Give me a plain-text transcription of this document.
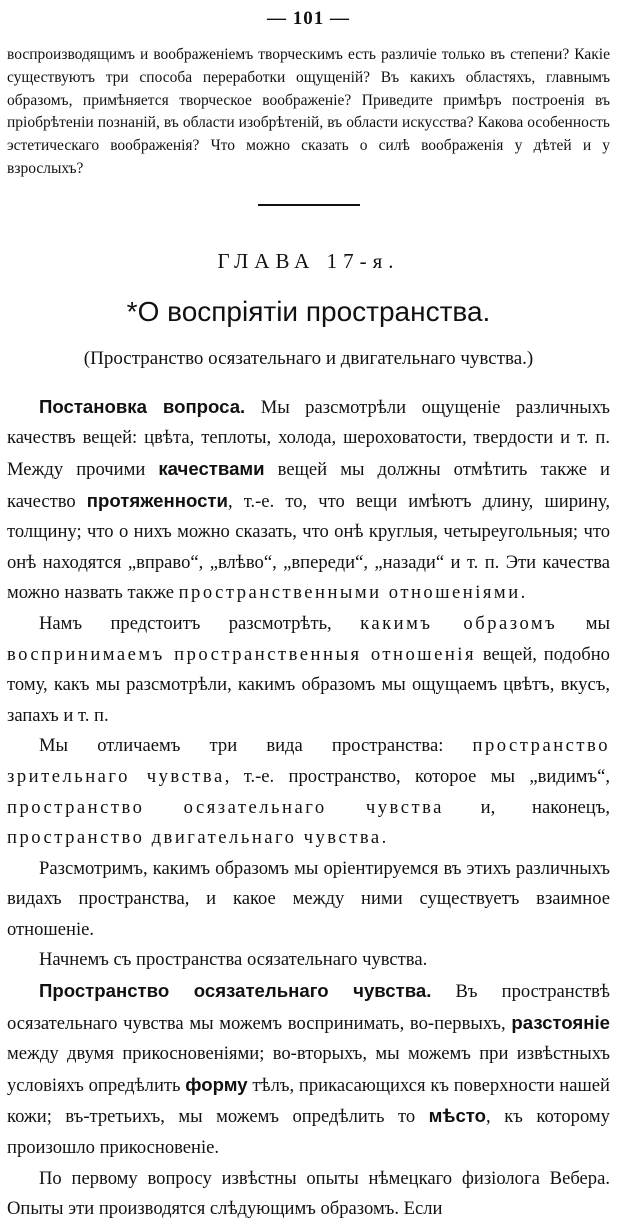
— 101 —

воспроизводящимъ и воображеніемъ творческимъ есть различіе только въ степени? Какіе существуютъ три способа переработки ощущеній? Въ какихъ областяхъ, главнымъ образомъ, примѣняется творческое воображеніе? Приведите примѣръ построенія въ пріобрѣтеніи познаній, въ области изобрѣтеній, въ области искусства? Какова особенность эстетическаго воображенія? Что можно сказать о силѣ воображенія у дѣтей и у взрослыхъ?

ГЛАВА 17-я.
*О воспріятіи пространства.
(Пространство осязательнаго и двигательнаго чувства.)

Постановка вопроса. Мы разсмотрѣли ощущеніе различныхъ качествъ вещей: цвѣта, теплоты, холода, шероховатости, твердости и т. п. Между прочими качествами вещей мы должны отмѣтить также и качество протяженности, т.-е. то, что вещи имѣютъ длину, ширину, толщину; что о нихъ можно сказать, что онѣ круглыя, четыреугольныя; что онѣ находятся „вправо“, „влѣво“, „впереди“, „назади“ и т. п. Эти качества можно назвать также пространственными отношеніями.

Намъ предстоитъ разсмотрѣть, какимъ образомъ мы воспринимаемъ пространственныя отношенія вещей, подобно тому, какъ мы разсмотрѣли, какимъ образомъ мы ощущаемъ цвѣтъ, вкусъ, запахъ и т. п.

Мы отличаемъ три вида пространства: пространство зрительнаго чувства, т.-е. пространство, которое мы „видимъ“, пространство осязательнаго чувства и, наконецъ, пространство двигательнаго чувства.

Разсмотримъ, какимъ образомъ мы оріентируемся въ этихъ различныхъ видахъ пространства, и какое между ними существуетъ взаимное отношеніе.

Начнемъ съ пространства осязательнаго чувства.

Пространство осязательнаго чувства. Въ пространствѣ осязательнаго чувства мы можемъ воспринимать, во-первыхъ, разстояніе между двумя прикосновеніями; во-вторыхъ, мы можемъ при извѣстныхъ условіяхъ опредѣлить форму тѣлъ, прикасающихся къ поверхности нашей кожи; въ-третьихъ, мы можемъ опредѣлить то мѣсто, къ которому произошло прикосновеніе.

По первому вопросу извѣстны опыты нѣмецкаго физіолога Вебера. Опыты эти производятся слѣдующимъ образомъ. Если
